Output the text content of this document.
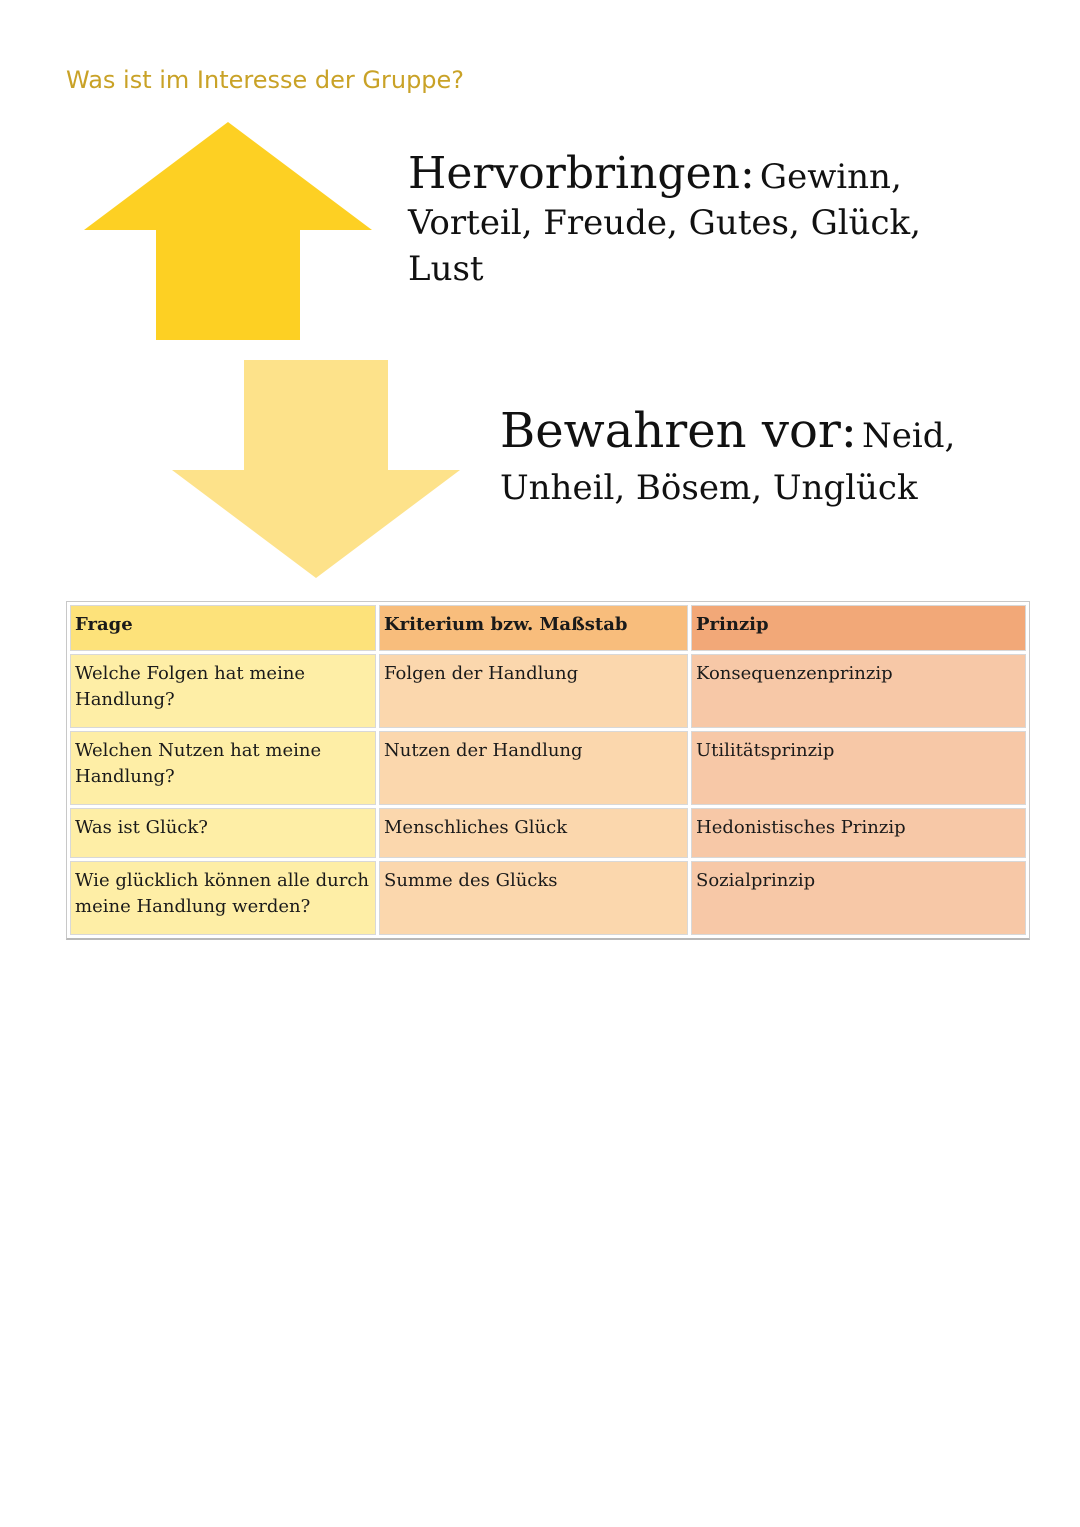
Was ist im Interesse der Gruppe?

Hervorbringen: Gewinn, Vorteil, Freude, Gutes, Glück, Lust

Bewahren vor: Neid, Unheil, Bösem, Unglück

Frage	Kriterium bzw. Maßstab	Prinzip
Welche Folgen hat meine Handlung?	Folgen der Handlung	Konsequenzenprinzip
Welchen Nutzen hat meine Handlung?	Nutzen der Handlung	Utilitätsprinzip
Was ist Glück?	Menschliches Glück	Hedonistisches Prinzip
Wie glücklich können alle durch meine Handlung werden?	Summe des Glücks	Sozialprinzip
